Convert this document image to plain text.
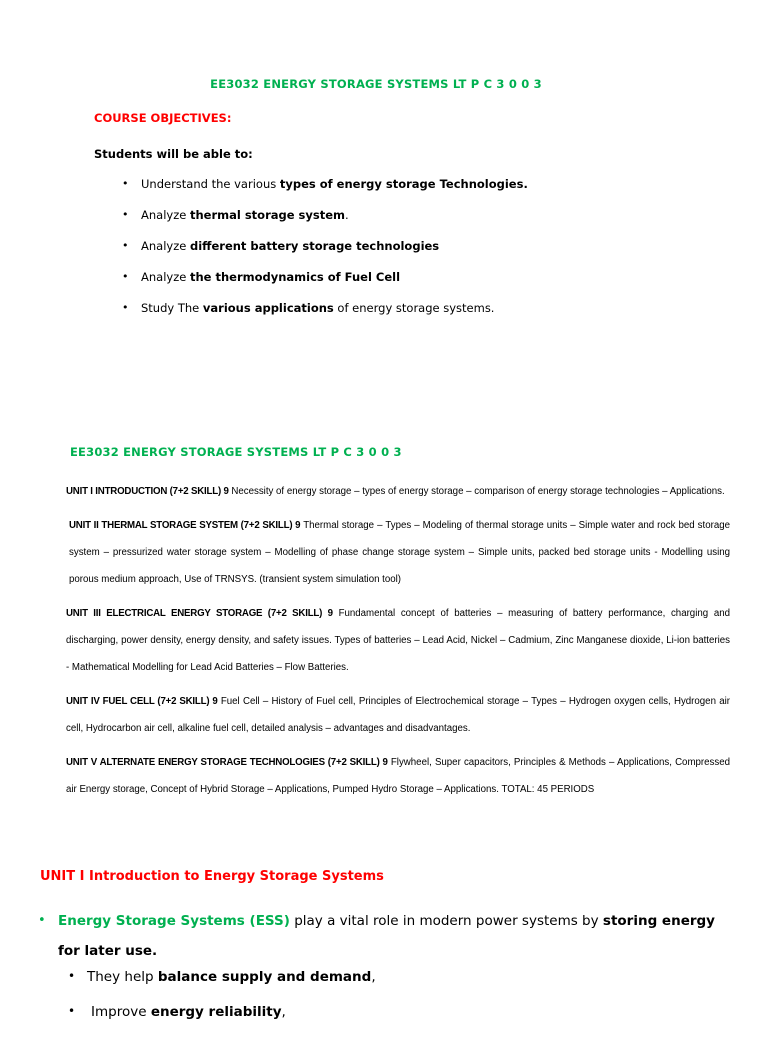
EE3032 ENERGY STORAGE SYSTEMS LT P C 3 0 0 3
COURSE OBJECTIVES:
Students will be able to:
• Understand the various types of energy storage Technologies.
• Analyze thermal storage system.
• Analyze different battery storage technologies
• Analyze the thermodynamics of Fuel Cell
• Study The various applications of energy storage systems.
EE3032 ENERGY STORAGE SYSTEMS LT P C 3 0 0 3

UNIT I INTRODUCTION (7+2 SKILL) 9 Necessity of energy storage – types of energy storage – comparison of energy storage technologies – Applications.

UNIT II THERMAL STORAGE SYSTEM (7+2 SKILL) 9 Thermal storage – Types – Modeling of thermal storage units – Simple water and rock bed storage system – pressurized water storage system – Modelling of phase change storage system – Simple units, packed bed storage units - Modelling using porous medium approach, Use of TRNSYS. (transient system simulation tool)

UNIT III ELECTRICAL ENERGY STORAGE (7+2 SKILL) 9 Fundamental concept of batteries – measuring of battery performance, charging and discharging, power density, energy density, and safety issues. Types of batteries – Lead Acid, Nickel – Cadmium, Zinc Manganese dioxide, Li-ion batteries - Mathematical Modelling for Lead Acid Batteries – Flow Batteries.

UNIT IV FUEL CELL (7+2 SKILL) 9 Fuel Cell – History of Fuel cell, Principles of Electrochemical storage – Types – Hydrogen oxygen cells, Hydrogen air cell, Hydrocarbon air cell, alkaline fuel cell, detailed analysis – advantages and disadvantages.

UNIT V ALTERNATE ENERGY STORAGE TECHNOLOGIES (7+2 SKILL) 9 Flywheel, Super capacitors, Principles & Methods – Applications, Compressed air Energy storage, Concept of Hybrid Storage – Applications, Pumped Hydro Storage – Applications. TOTAL: 45 PERIODS

UNIT I Introduction to Energy Storage Systems
• Energy Storage Systems (ESS) play a vital role in modern power systems by storing energy for later use.
• They help balance supply and demand,
• Improve energy reliability,
